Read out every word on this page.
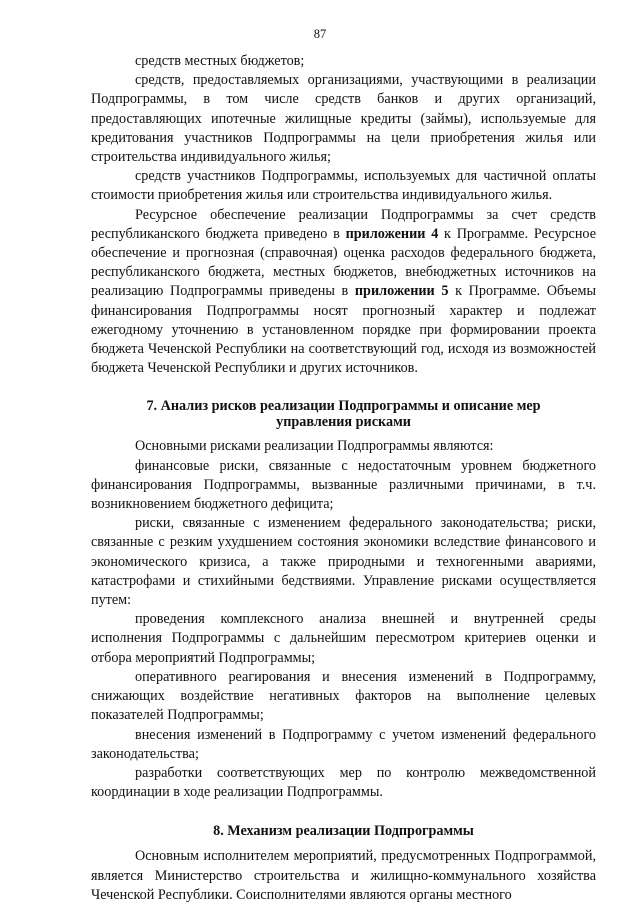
87

средств местных бюджетов;

средств, предоставляемых организациями, участвующими в реализации Подпрограммы, в том числе средств банков и других организаций, предоставляющих ипотечные жилищные кредиты (займы), используемые для кредитования участников Подпрограммы на цели приобретения жилья или строительства индивидуального жилья;

средств участников Подпрограммы, используемых для частичной оплаты стоимости приобретения жилья или строительства индивидуального жилья.

Ресурсное обеспечение реализации Подпрограммы за счет средств республиканского бюджета приведено в приложении 4 к Программе. Ресурсное обеспечение и прогнозная (справочная) оценка расходов федерального бюджета, республиканского бюджета, местных бюджетов, внебюджетных источников на реализацию Подпрограммы приведены в приложении 5 к Программе. Объемы финансирования Подпрограммы носят прогнозный характер и подлежат ежегодному уточнению в установленном порядке при формировании проекта бюджета Чеченской Республики на соответствующий год, исходя из возможностей бюджета Чеченской Республики и других источников.

7. Анализ рисков реализации Подпрограммы и описание мер управления рисками

Основными рисками реализации Подпрограммы являются:

финансовые риски, связанные с недостаточным уровнем бюджетного финансирования Подпрограммы, вызванные различными причинами, в т.ч. возникновением бюджетного дефицита;

риски, связанные с изменением федерального законодательства; риски, связанные с резким ухудшением состояния экономики вследствие финансового и экономического кризиса, а также природными и техногенными авариями, катастрофами и стихийными бедствиями. Управление рисками осуществляется путем:

проведения комплексного анализа внешней и внутренней среды исполнения Подпрограммы с дальнейшим пересмотром критериев оценки и отбора мероприятий Подпрограммы;

оперативного реагирования и внесения изменений в Подпрограмму, снижающих воздействие негативных факторов на выполнение целевых показателей Подпрограммы;

внесения изменений в Подпрограмму с учетом изменений федерального законодательства;

разработки соответствующих мер по контролю межведомственной координации в ходе реализации Подпрограммы.

8. Механизм реализации Подпрограммы

Основным исполнителем мероприятий, предусмотренных Подпрограммой, является Министерство строительства и жилищно-коммунального хозяйства Чеченской Республики. Соисполнителями являются органы местного
